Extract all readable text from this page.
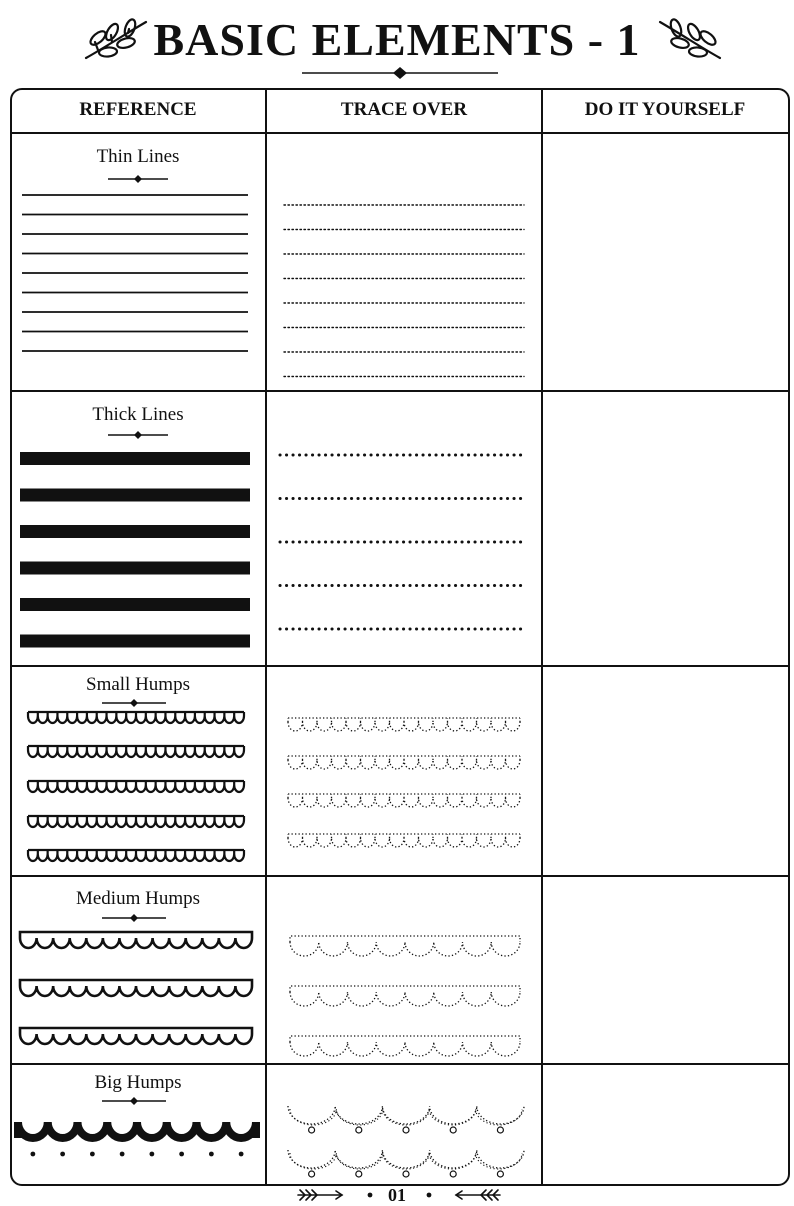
BASIC ELEMENTS - 1
REFERENCE	TRACE OVER	DO IT YOURSELF
Thin Lines
Thick Lines
Small Humps
Medium Humps
Big Humps
01
